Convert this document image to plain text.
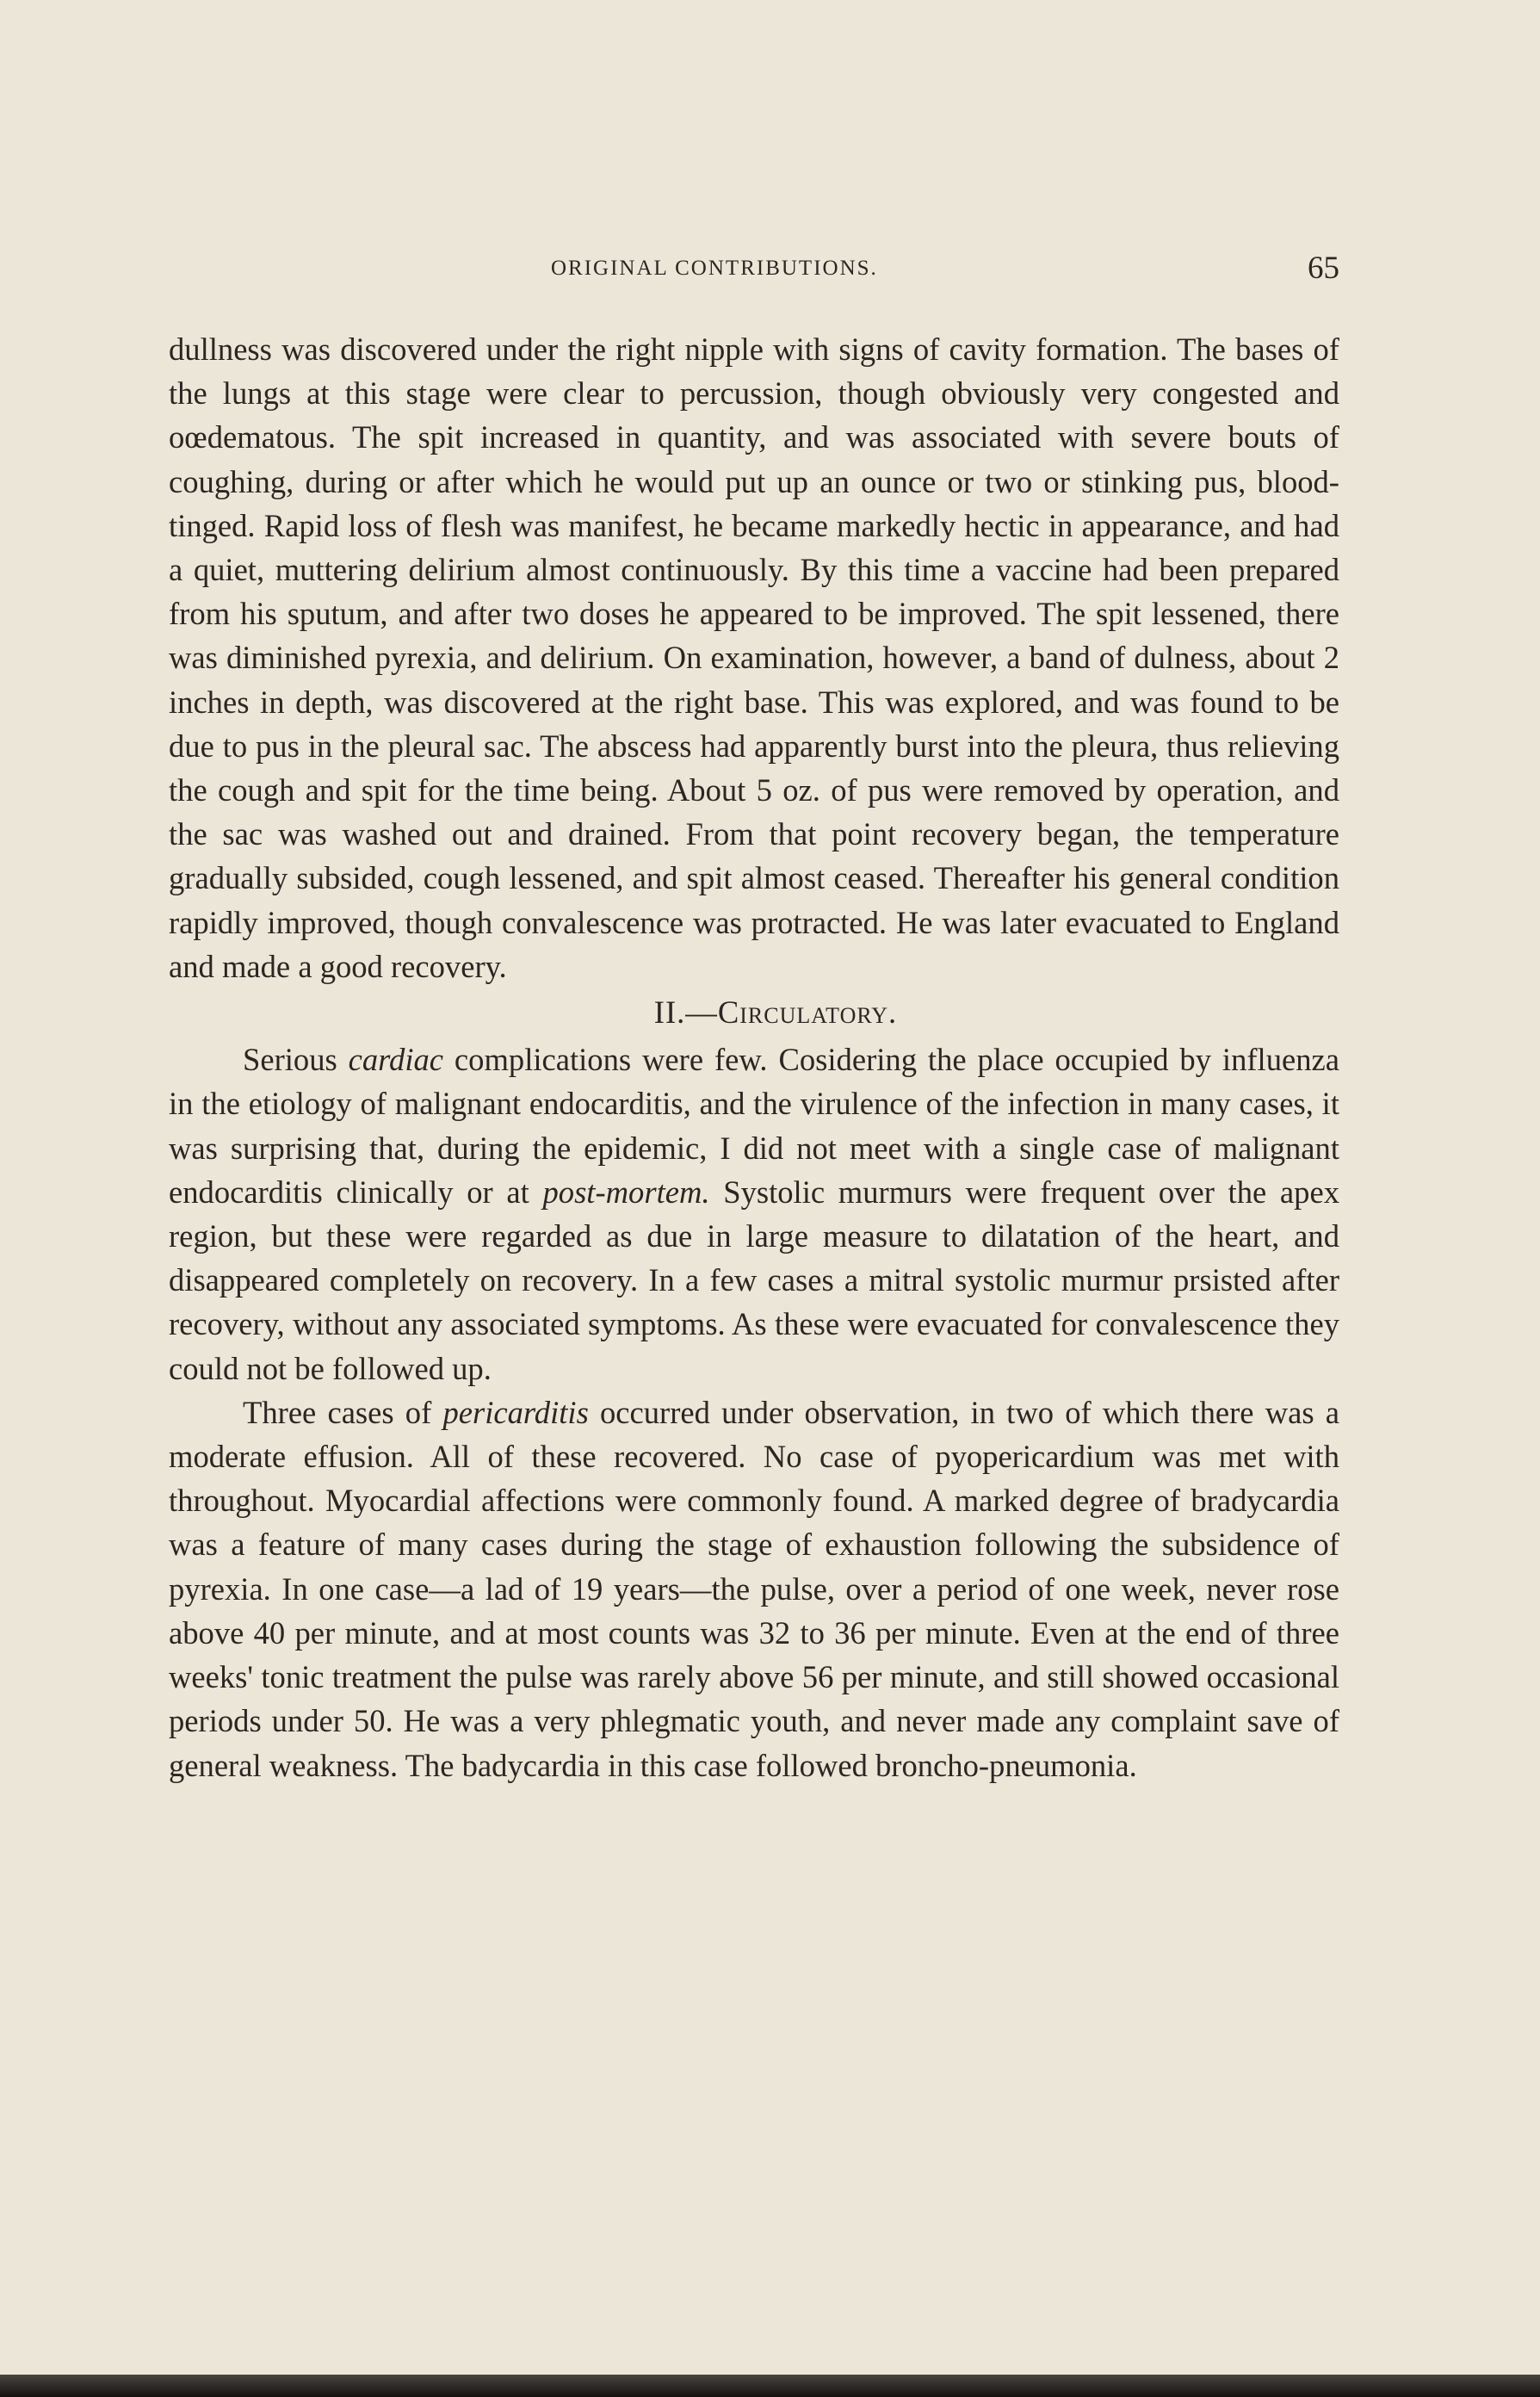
ORIGINAL CONTRIBUTIONS.	65

dullness was discovered under the right nipple with signs of cavity formation. The bases of the lungs at this stage were clear to percussion, though obviously very congested and oœdematous. The spit increased in quantity, and was associated with severe bouts of coughing, during or after which he would put up an ounce or two or stinking pus, blood-tinged. Rapid loss of flesh was manifest, he became markedly hectic in appearance, and had a quiet, muttering delirium almost continuously. By this time a vaccine had been prepared from his sputum, and after two doses he appeared to be improved. The spit lessened, there was diminished pyrexia, and delirium. On examination, however, a band of dulness, about 2 inches in depth, was discovered at the right base. This was explored, and was found to be due to pus in the pleural sac. The abscess had apparently burst into the pleura, thus relieving the cough and spit for the time being. About 5 oz. of pus were removed by operation, and the sac was washed out and drained. From that point recovery began, the temperature gradually subsided, cough lessened, and spit almost ceased. Thereafter his general condition rapidly improved, though convalescence was protracted. He was later evacuated to England and made a good recovery.

II.—Circulatory.

Serious cardiac complications were few. Cosidering the place occupied by influenza in the etiology of malignant endocarditis, and the virulence of the infection in many cases, it was surprising that, during the epidemic, I did not meet with a single case of malignant endocarditis clinically or at post-mortem. Systolic murmurs were frequent over the apex region, but these were regarded as due in large measure to dilatation of the heart, and disappeared completely on recovery. In a few cases a mitral systolic murmur prsisted after recovery, without any associated symptoms. As these were evacuated for convalescence they could not be followed up.

Three cases of pericarditis occurred under observation, in two of which there was a moderate effusion. All of these recovered. No case of pyopericardium was met with throughout. Myocardial affections were commonly found. A marked degree of bradycardia was a feature of many cases during the stage of exhaustion following the subsidence of pyrexia. In one case—a lad of 19 years—the pulse, over a period of one week, never rose above 40 per minute, and at most counts was 32 to 36 per minute. Even at the end of three weeks' tonic treatment the pulse was rarely above 56 per minute, and still showed occasional periods under 50. He was a very phlegmatic youth, and never made any complaint save of general weakness. The badycardia in this case followed broncho-pneumonia.
